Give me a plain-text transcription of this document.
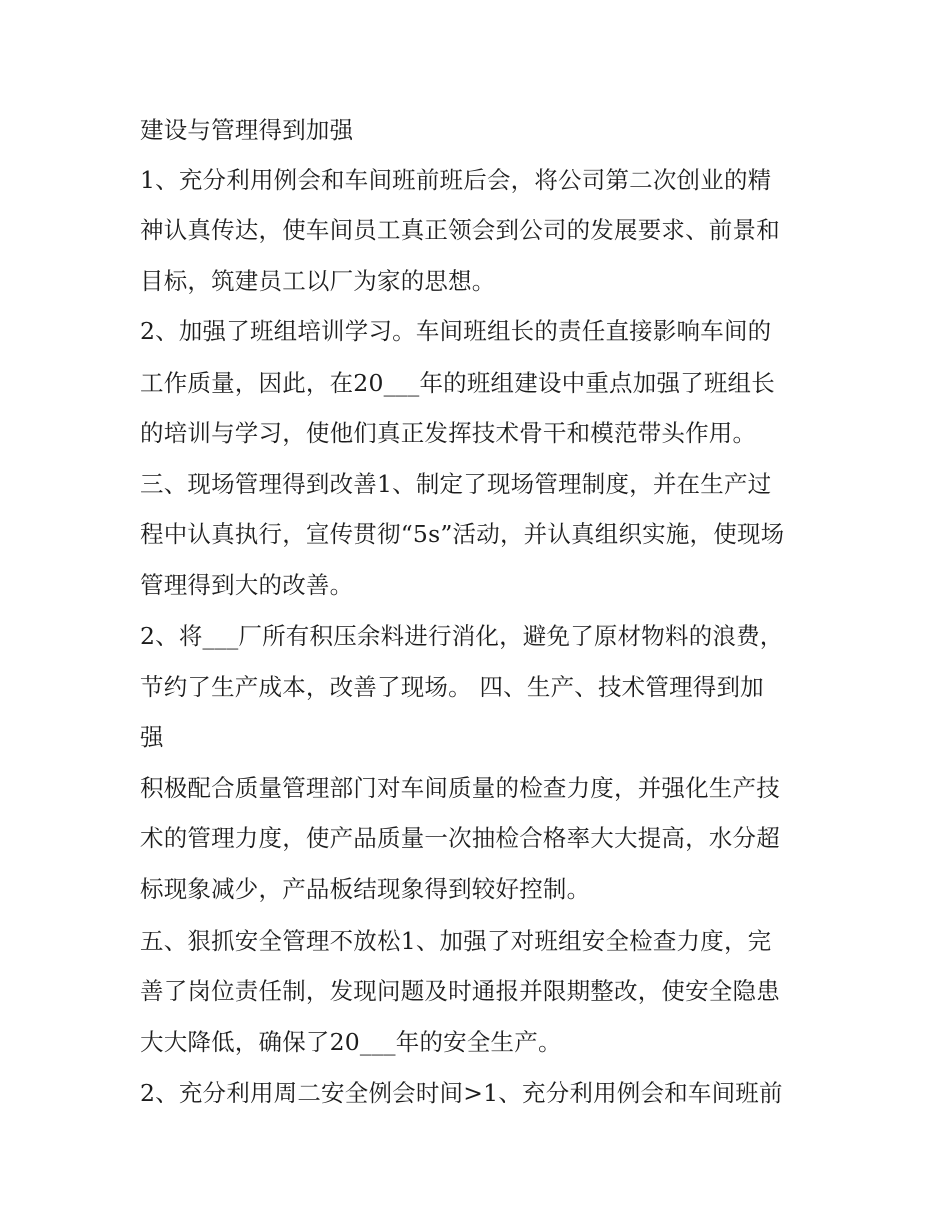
建设与管理得到加强

1、充分利用例会和车间班前班后会，将公司第二次创业的精

神认真传达，使车间员工真正领会到公司的发展要求、前景和

目标，筑建员工以厂为家的思想。

2、加强了班组培训学习。车间班组长的责任直接影响车间的

工作质量，因此，在20___年的班组建设中重点加强了班组长

的培训与学习，使他们真正发挥技术骨干和模范带头作用。

三、现场管理得到改善1、制定了现场管理制度，并在生产过

程中认真执行，宣传贯彻“5s”活动，并认真组织实施，使现场

管理得到大的改善。

2、将___厂所有积压余料进行消化，避免了原材物料的浪费，

节约了生产成本，改善了现场。 四、生产、技术管理得到加

强

积极配合质量管理部门对车间质量的检查力度，并强化生产技

术的管理力度，使产品质量一次抽检合格率大大提高，水分超

标现象减少，产品板结现象得到较好控制。

五、狠抓安全管理不放松1、加强了对班组安全检查力度，完

善了岗位责任制，发现问题及时通报并限期整改，使安全隐患

大大降低，确保了20___年的安全生产。

2、充分利用周二安全例会时间>1、充分利用例会和车间班前
